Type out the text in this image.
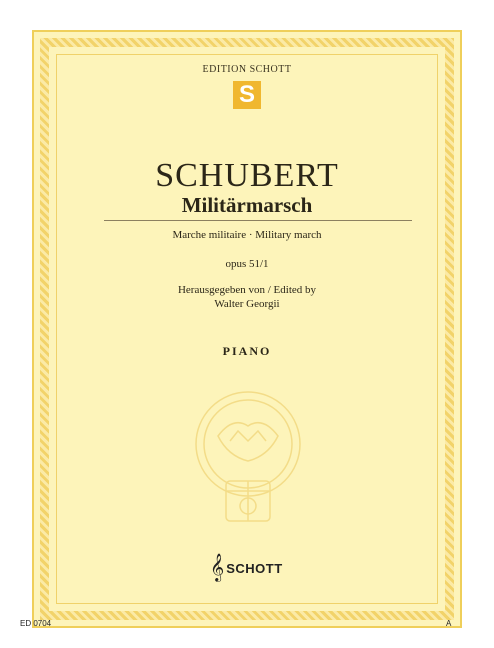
EDITION SCHOTT
S
SCHUBERT
Militärmarsch
Marche militaire · Military march
opus 51/1
Herausgegeben von / Edited by
Walter Georgii
PIANO
𝄞 SCHOTT
ED 0704	A
